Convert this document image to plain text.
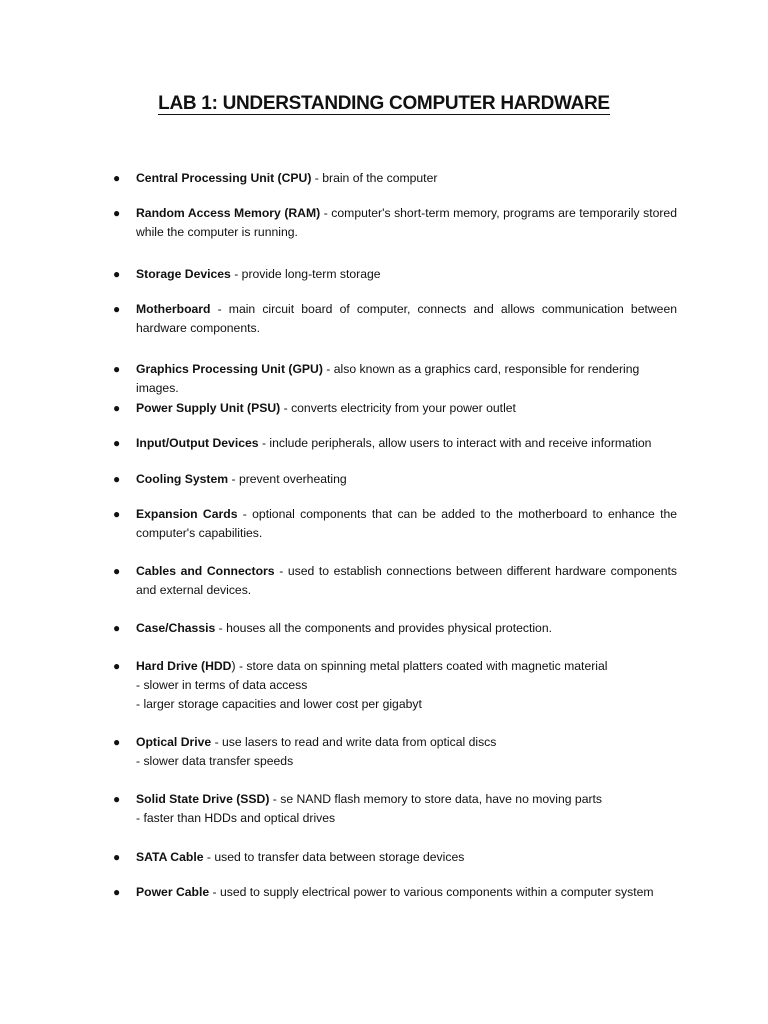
LAB 1: UNDERSTANDING COMPUTER HARDWARE
● Central Processing Unit (CPU) - brain of the computer
● Random Access Memory (RAM) - computer's short-term memory, programs are temporarily stored while the computer is running.
● Storage Devices - provide long-term storage
● Motherboard - main circuit board of computer, connects and allows communication between hardware components.
● Graphics Processing Unit (GPU) - also known as a graphics card, responsible for rendering images.
● Power Supply Unit (PSU) - converts electricity from your power outlet
● Input/Output Devices - include peripherals, allow users to interact with and receive information
● Cooling System - prevent overheating
● Expansion Cards - optional components that can be added to the motherboard to enhance the computer's capabilities.
● Cables and Connectors - used to establish connections between different hardware components and external devices.
● Case/Chassis - houses all the components and provides physical protection.
● Hard Drive (HDD) - store data on spinning metal platters coated with magnetic material
- slower in terms of data access
- larger storage capacities and lower cost per gigabyt
● Optical Drive - use lasers to read and write data from optical discs
- slower data transfer speeds
● Solid State Drive (SSD) - se NAND flash memory to store data, have no moving parts
- faster than HDDs and optical drives
● SATA Cable - used to transfer data between storage devices
● Power Cable - used to supply electrical power to various components within a computer system
